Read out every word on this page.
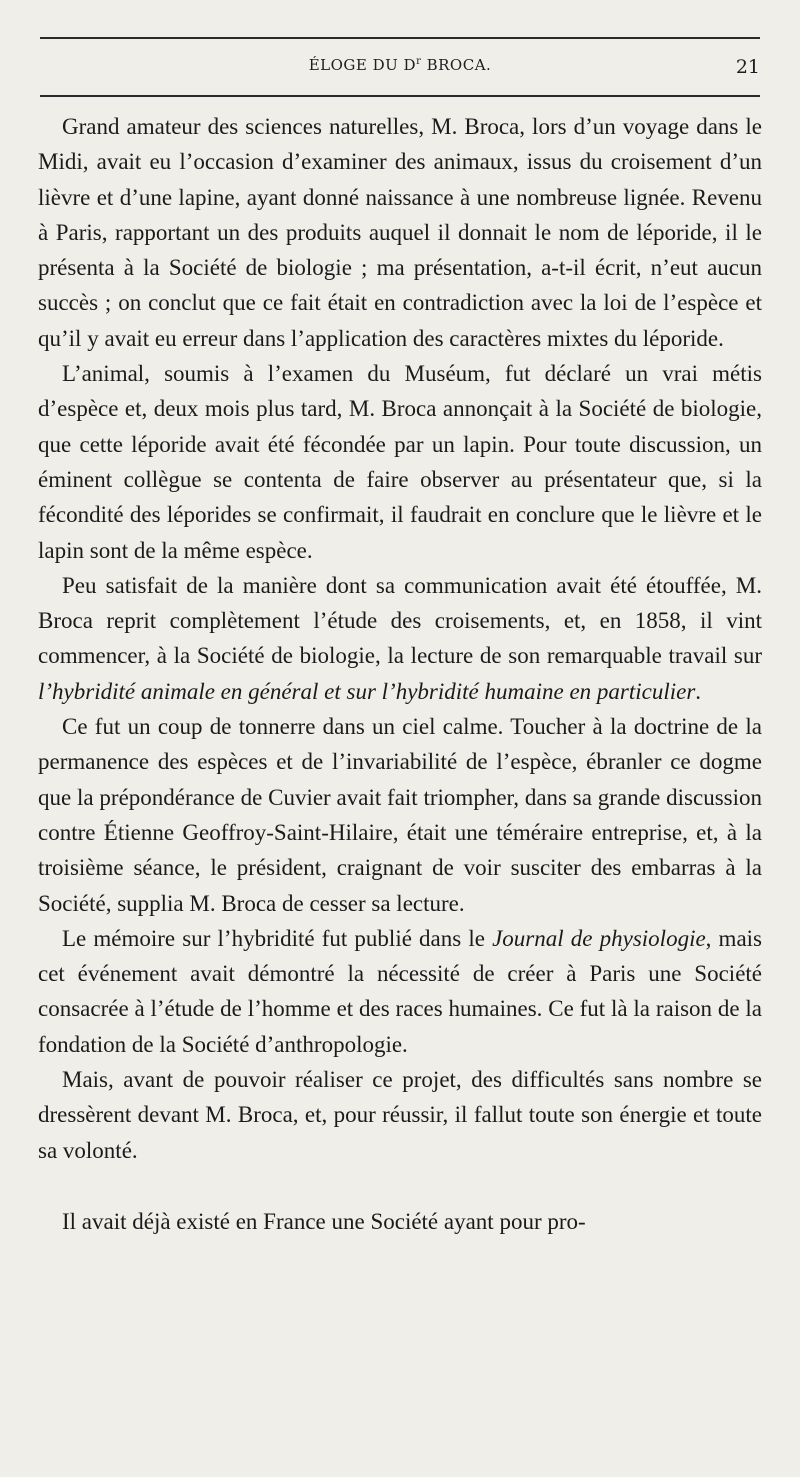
ÉLOGE DU $D^r$ BROCA.	21

Grand amateur des sciences naturelles, M. Broca, lors d’un voyage dans le Midi, avait eu l’occasion d’examiner des animaux, issus du croisement d’un lièvre et d’une lapine, ayant donné naissance à une nombreuse lignée. Revenu à Paris, rapportant un des produits auquel il donnait le nom de léporide, il le présenta à la Société de biologie ; ma présentation, a-t-il écrit, n’eut aucun succès ; on conclut que ce fait était en contradiction avec la loi de l’espèce et qu’il y avait eu erreur dans l’application des caractères mixtes du léporide.

L’animal, soumis à l’examen du Muséum, fut déclaré un vrai métis d’espèce et, deux mois plus tard, M. Broca annonçait à la Société de biologie, que cette léporide avait été fécondée par un lapin. Pour toute discussion, un éminent collègue se contenta de faire observer au présentateur que, si la fécondité des léporides se confirmait, il faudrait en conclure que le lièvre et le lapin sont de la même espèce.

Peu satisfait de la manière dont sa communication avait été étouffée, M. Broca reprit complètement l’étude des croisements, et, en 1858, il vint commencer, à la Société de biologie, la lecture de son remarquable travail sur l’hybridité animale en général et sur l’hybridité humaine en particulier.

Ce fut un coup de tonnerre dans un ciel calme. Toucher à la doctrine de la permanence des espèces et de l’invariabilité de l’espèce, ébranler ce dogme que la prépondérance de Cuvier avait fait triompher, dans sa grande discussion contre Étienne Geoffroy-Saint-Hilaire, était une téméraire entreprise, et, à la troisième séance, le président, craignant de voir susciter des embarras à la Société, supplia M. Broca de cesser sa lecture.

Le mémoire sur l’hybridité fut publié dans le Journal de physiologie, mais cet événement avait démontré la nécessité de créer à Paris une Société consacrée à l’étude de l’homme et des races humaines. Ce fut là la raison de la fondation de la Société d’anthropologie.

Mais, avant de pouvoir réaliser ce projet, des difficultés sans nombre se dressèrent devant M. Broca, et, pour réussir, il fallut toute son énergie et toute sa volonté.

Il avait déjà existé en France une Société ayant pour pro-
